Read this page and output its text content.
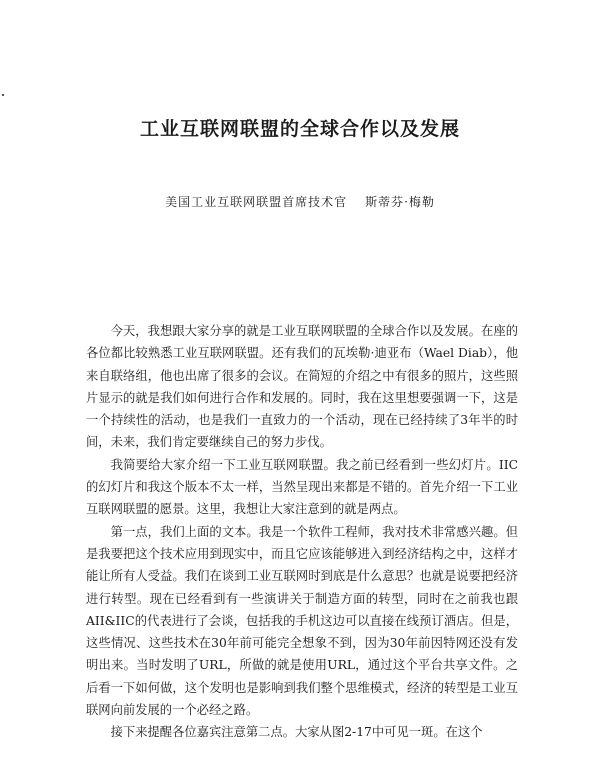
工业互联网联盟的全球合作以及发展
美国工业互联网联盟首席技术官 斯蒂芬·梅勒

今天，我想跟大家分享的就是工业互联网联盟的全球合作以及发展。在座的各位都比较熟悉工业互联网联盟。还有我们的瓦埃勒·迪亚布（Wael Diab），他来自联络组，他也出席了很多的会议。在简短的介绍之中有很多的照片，这些照片显示的就是我们如何进行合作和发展的。同时，我在这里想要强调一下，这是一个持续性的活动，也是我们一直致力的一个活动，现在已经持续了3年半的时间，未来，我们肯定要继续自己的努力步伐。

我简要给大家介绍一下工业互联网联盟。我之前已经看到一些幻灯片。IIC的幻灯片和我这个版本不太一样，当然呈现出来都是不错的。首先介绍一下工业互联网联盟的愿景。这里，我想让大家注意到的就是两点。

第一点，我们上面的文本。我是一个软件工程师，我对技术非常感兴趣。但是我要把这个技术应用到现实中，而且它应该能够进入到经济结构之中，这样才能让所有人受益。我们在谈到工业互联网时到底是什么意思？也就是说要把经济进行转型。现在已经看到有一些演讲关于制造方面的转型，同时在之前我也跟AII&IIC的代表进行了会谈，包括我的手机这边可以直接在线预订酒店。但是，这些情况、这些技术在30年前可能完全想象不到，因为30年前因特网还没有发明出来。当时发明了URL，所做的就是使用URL，通过这个平台共享文件。之后看一下如何做，这个发明也是影响到我们整个思维模式，经济的转型是工业互联网向前发展的一个必经之路。

接下来提醒各位嘉宾注意第二点。大家从图2-17中可见一斑。在这个
